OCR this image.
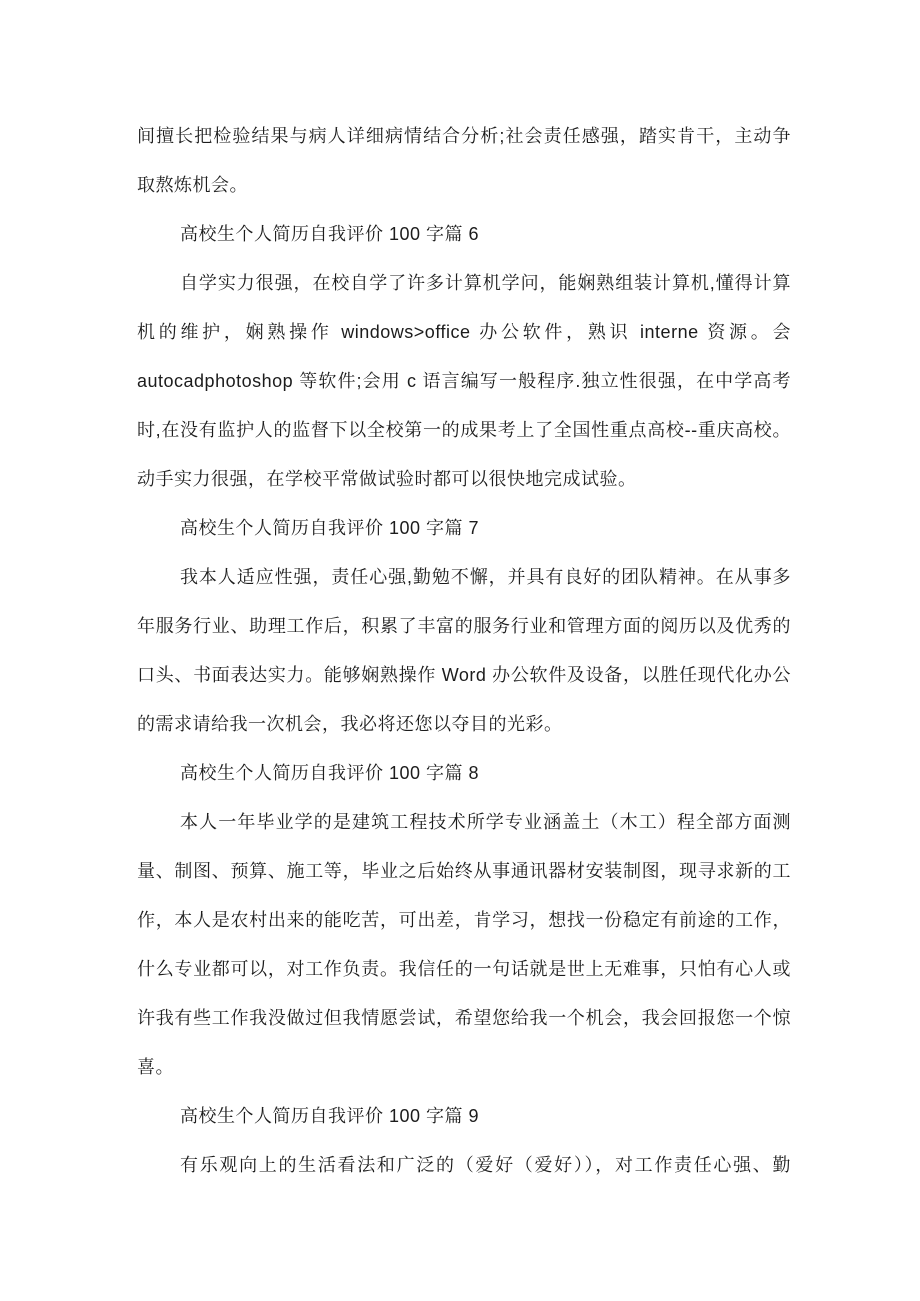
间擅长把检验结果与病人详细病情结合分析;社会责任感强，踏实肯干，主动争
取熬炼机会。
高校生个人简历自我评价 100 字篇 6
自学实力很强，在校自学了许多计算机学问，能娴熟组装计算机,懂得计算
机的维护，娴熟操作 windows>office 办公软件，熟识 interne 资源。会
autocadphotoshop 等软件;会用 c 语言编写一般程序.独立性很强，在中学高考
时,在没有监护人的监督下以全校第一的成果考上了全国性重点高校--重庆高校。
动手实力很强，在学校平常做试验时都可以很快地完成试验。
高校生个人简历自我评价 100 字篇 7
我本人适应性强，责任心强,勤勉不懈，并具有良好的团队精神。在从事多
年服务行业、助理工作后，积累了丰富的服务行业和管理方面的阅历以及优秀的
口头、书面表达实力。能够娴熟操作 Word 办公软件及设备，以胜任现代化办公
的需求请给我一次机会，我必将还您以夺目的光彩。
高校生个人简历自我评价 100 字篇 8
本人一年毕业学的是建筑工程技术所学专业涵盖土（木工）程全部方面测
量、制图、预算、施工等，毕业之后始终从事通讯器材安装制图，现寻求新的工
作，本人是农村出来的能吃苦，可出差，肯学习，想找一份稳定有前途的工作，
什么专业都可以，对工作负责。我信任的一句话就是世上无难事，只怕有心人或
许我有些工作我没做过但我情愿尝试，希望您给我一个机会，我会回报您一个惊
喜。
高校生个人简历自我评价 100 字篇 9
有乐观向上的生活看法和广泛的（爱好（爱好）），对工作责任心强、勤
